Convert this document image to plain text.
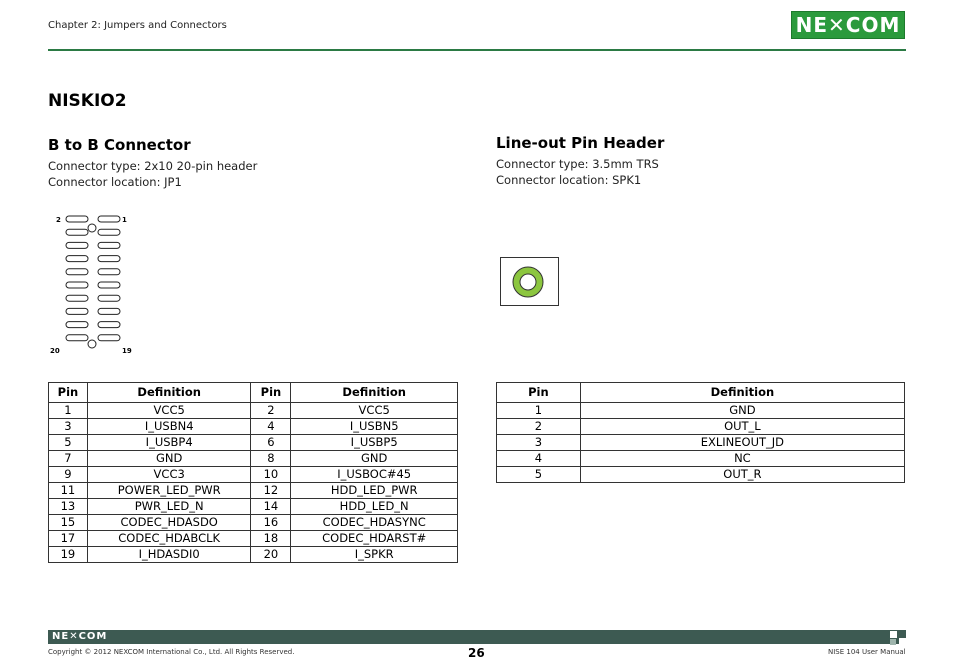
Chapter 2: Jumpers and Connectors	NE✕COM
NISKIO2
B to B Connector
Connector type: 2x10 20-pin header
Connector location: JP1
2	1
20	19
Line-out Pin Header
Connector type: 3.5mm TRS
Connector location: SPK1
Pin	Definition	Pin	Definition
1	VCC5	2	VCC5
3	I_USBN4	4	I_USBN5
5	I_USBP4	6	I_USBP5
7	GND	8	GND
9	VCC3	10	I_USBOC#45
11	POWER_LED_PWR	12	HDD_LED_PWR
13	PWR_LED_N	14	HDD_LED_N
15	CODEC_HDASDO	16	CODEC_HDASYNC
17	CODEC_HDABCLK	18	CODEC_HDARST#
19	I_HDASDI0	20	I_SPKR
Pin	Definition
1	GND
2	OUT_L
3	EXLINEOUT_JD
4	NC
5	OUT_R
NE✕COM
Copyright © 2012 NEXCOM International Co., Ltd. All Rights Reserved.	26	NISE 104 User Manual
